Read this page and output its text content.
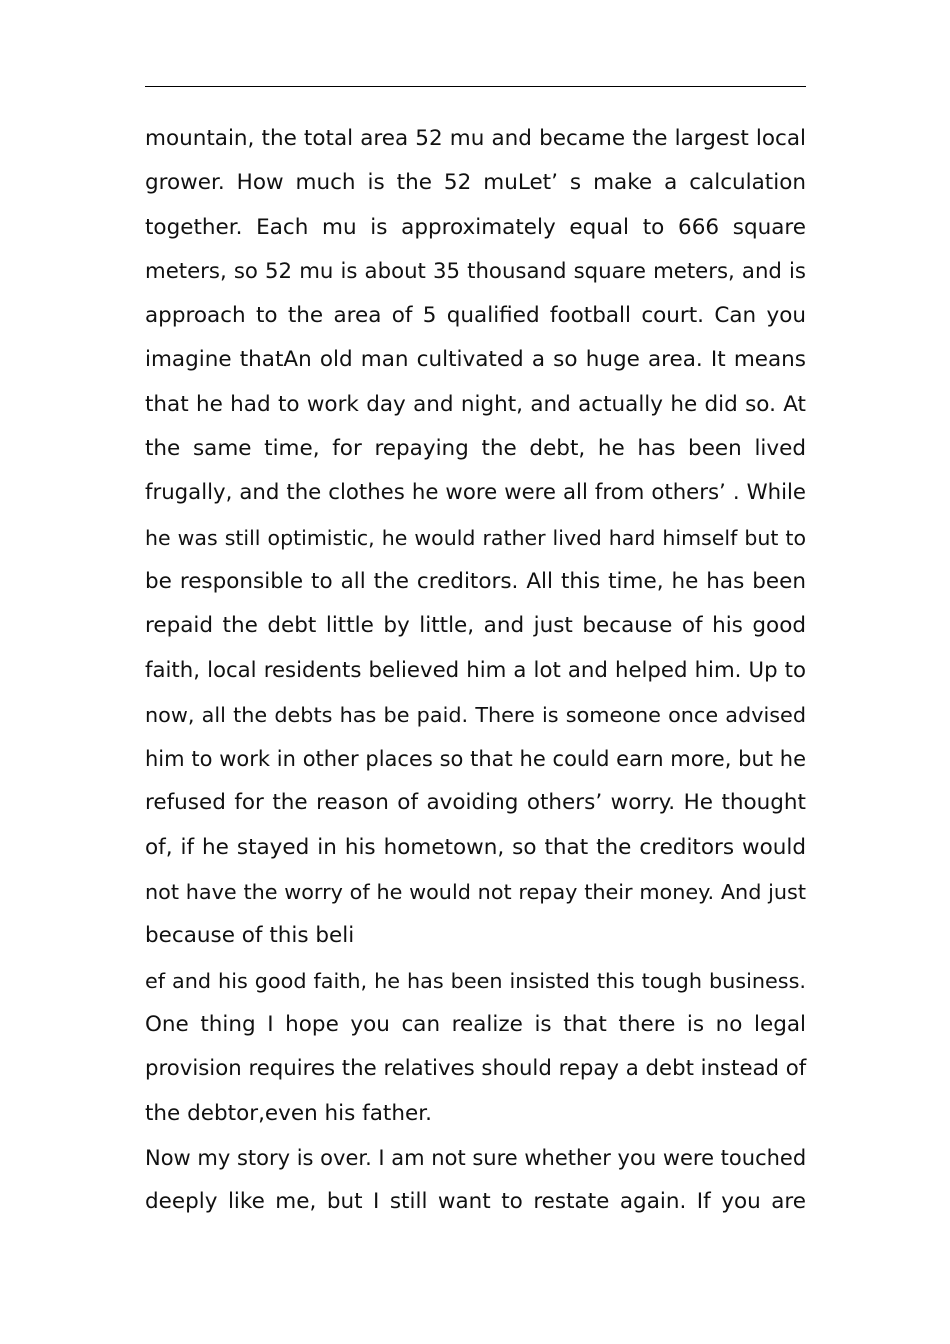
mountain, the total area 52 mu and became the largest local
grower. How much is the 52 muLet’ s make a calculation
together. Each mu is approximately equal to 666 square
meters, so 52 mu is about 35 thousand square meters, and is
approach to the area of 5 qualified football court. Can you
imagine thatAn old man cultivated a so huge area. It means
that he had to work day and night, and actually he did so. At
the same time, for repaying the debt, he has been lived
frugally, and the clothes he wore were all from others’ . While
he was still optimistic, he would rather lived hard himself but to
be responsible to all the creditors. All this time, he has been
repaid the debt little by little, and just because of his good
faith, local residents believed him a lot and helped him. Up to
now, all the debts has be paid. There is someone once advised
him to work in other places so that he could earn more, but he
refused for the reason of avoiding others’ worry. He thought
of, if he stayed in his hometown, so that the creditors would
not have the worry of he would not repay their money. And just
because of this beli
ef and his good faith, he has been insisted this tough business.
One thing I hope you can realize is that there is no legal
provision requires the relatives should repay a debt instead of
the debtor,even his father.
Now my story is over. I am not sure whether you were touched
deeply like me, but I still want to restate again. If you are
